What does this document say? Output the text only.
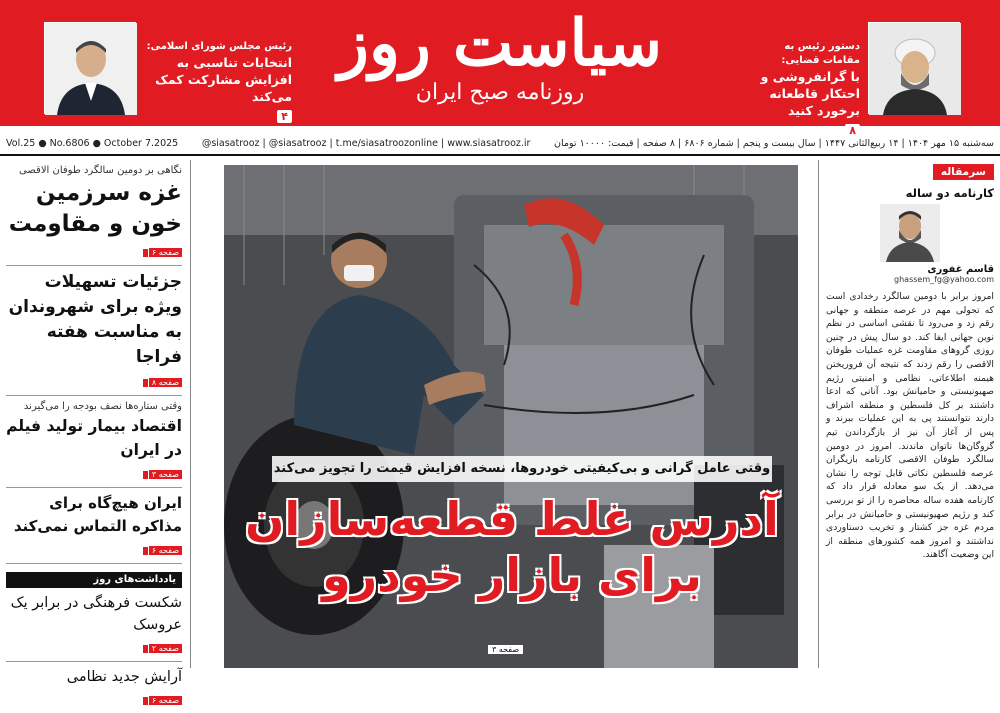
دستور رئیس به مقامات قضایی:
با گرانفروشی و احتکار قاطعانه برخورد کنید
۸
سیاست روز
روزنامه صبح ایران
رئیس مجلس شورای اسلامی:
انتخابات تناسبی به افزایش مشارکت کمک می‌کند
۴
Vol.25 ● No.6806 ● October 7.2025 @siasatrooz | @siasatrooz | t.me/siasatroozonline | www.siasatrooz.ir سه‌شنبه ۱۵ مهر ۱۴۰۴ | ۱۴ ربیع‌الثانی ۱۴۴۷ | سال بیست و پنجم | شماره ۶۸۰۶ | ۸ صفحه | قیمت: ۱۰۰۰۰ تومان
نگاهی بر دومین سالگرد طوفان الاقصی
غزه سرزمین خون و مقاومت
صفحه ۶
جزئیات تسهیلات ویژه برای شهروندان به مناسبت هفته فراجا
صفحه ۸
وقتی ستاره‌ها نصف بودجه را می‌گیرند
اقتصاد بیمار تولید فیلم در ایران
صفحه ۳
ایران هیچ‌گاه برای مذاکره التماس نمی‌کند
صفحه ۶
یادداشت‌های روز
شکست فرهنگی در برابر یک عروسک
صفحه ۲
آرایش جدید نظامی
صفحه ۶
وقتی عامل گرانی و بی‌کیفیتی خودروها، نسخه افزایش قیمت را تجویز می‌کند
آدرس غلط قطعه‌سازان برای بازار خودرو
صفحه ۳
سرمقاله
کارنامه دو ساله
قاسم غفوری
ghassem_fg@yahoo.com
امروز برابر با دومین سالگرد رخدادی است که تحولی مهم در عرصه منطقه و جهانی رقم زد و می‌رود تا نقشی اساسی در نظم نوین جهانی ایفا کند. دو سال پیش در چنین روزی گروهای مقاومت غزه عملیات طوفان الاقصی را رقم زدند که نتیجه آن فروریختن هیمنه اطلاعاتی، نظامی و امنیتی رژیم صهیونیستی و حامیانش بود. آنانی که ادعا داشتند بر کل فلسطین و منطقه اشراف دارند نتوانستند پی به این عملیات ببرند و پس از آغاز آن نیز از بازگرداندن تیم گروگان‌ها ناتوان ماندند. امروز در دومین سالگرد طوفان الاقصی کارنامه بازیگران عرصه فلسطین نکاتی قابل توجه را نشان می‌دهد. از یک سو معادله قرار داد که کارنامه هفده ساله محاصره را از تو بررسی کند و رژیم صهیونیستی و حامیانش در برابر مردم غزه جز کشتار و تخریب دستاوردی نداشتند و امروز همه کشورهای منطقه از این وضعیت آگاهند.
